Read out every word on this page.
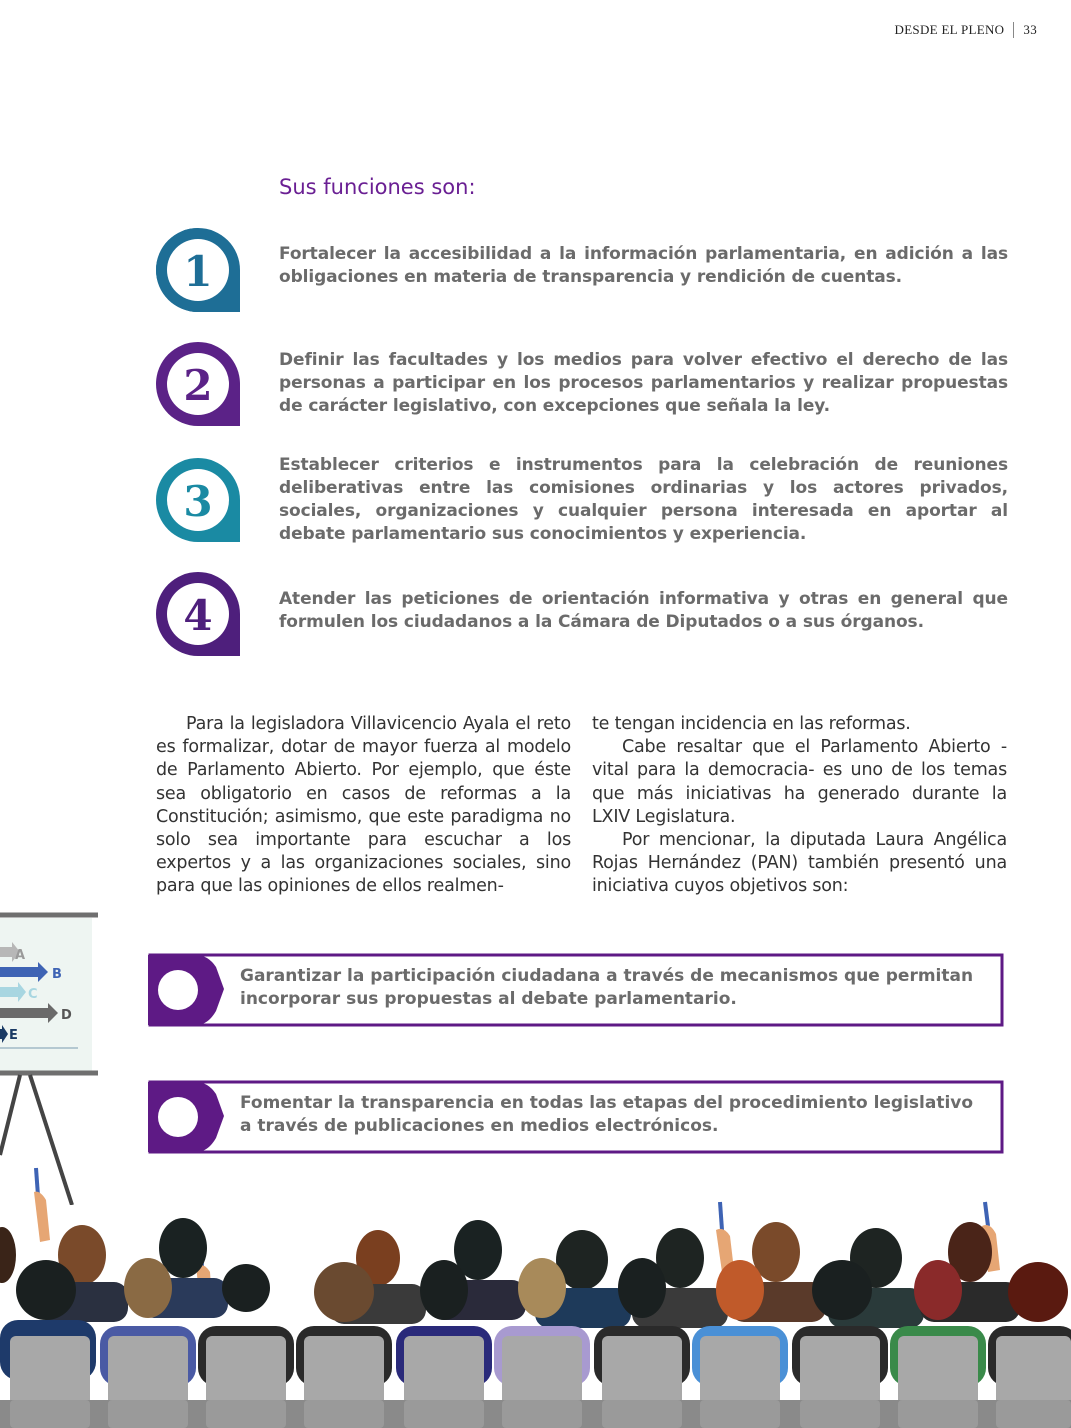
DESDE EL PLENO 33
Sus funciones son:
1	Fortalecer la accesibilidad a la información parlamentaria, en adición a las obligaciones en materia de transparencia y rendición de cuentas.
2
Definir las facultades y los medios para volver efectivo el derecho de las personas a participar en los procesos parlamentarios y realizar propuestas de carácter legislativo, con excepciones que señala la ley.
3
Establecer criterios e instrumentos para la celebración de reuniones deliberativas entre las comisiones ordinarias y los actores privados, sociales, organizaciones y cualquier persona interesada en aportar al debate parlamentario sus conocimientos y experiencia.
4	Atender las peticiones de orientación informativa y otras en general que formulen los ciudadanos a la Cámara de Diputados o a sus órganos.

Para la legisladora Villavicencio Ayala el reto es formalizar, dotar de mayor fuerza al modelo de Parlamento Abierto. Por ejemplo, que éste sea obligatorio en casos de reformas a la Constitución; asimismo, que este paradigma no solo sea importante para escuchar a los expertos y a las organizaciones sociales, sino para que las opiniones de ellos realmen-

te tengan incidencia en las reformas.

Cabe resaltar que el Parlamento Abierto -vital para la democracia- es uno de los temas que más iniciativas ha generado durante la LXIV Legislatura.

Por mencionar, la diputada Laura Angélica Rojas Hernández (PAN) también presentó una iniciativa cuyos objetivos son:

A
B
C
D
E
Garantizar la participación ciudadana a través de mecanismos que permitan incorporar sus propuestas al debate parlamentario.
Fomentar la transparencia en todas las etapas del procedimiento legislativo a través de publicaciones en medios electrónicos.
